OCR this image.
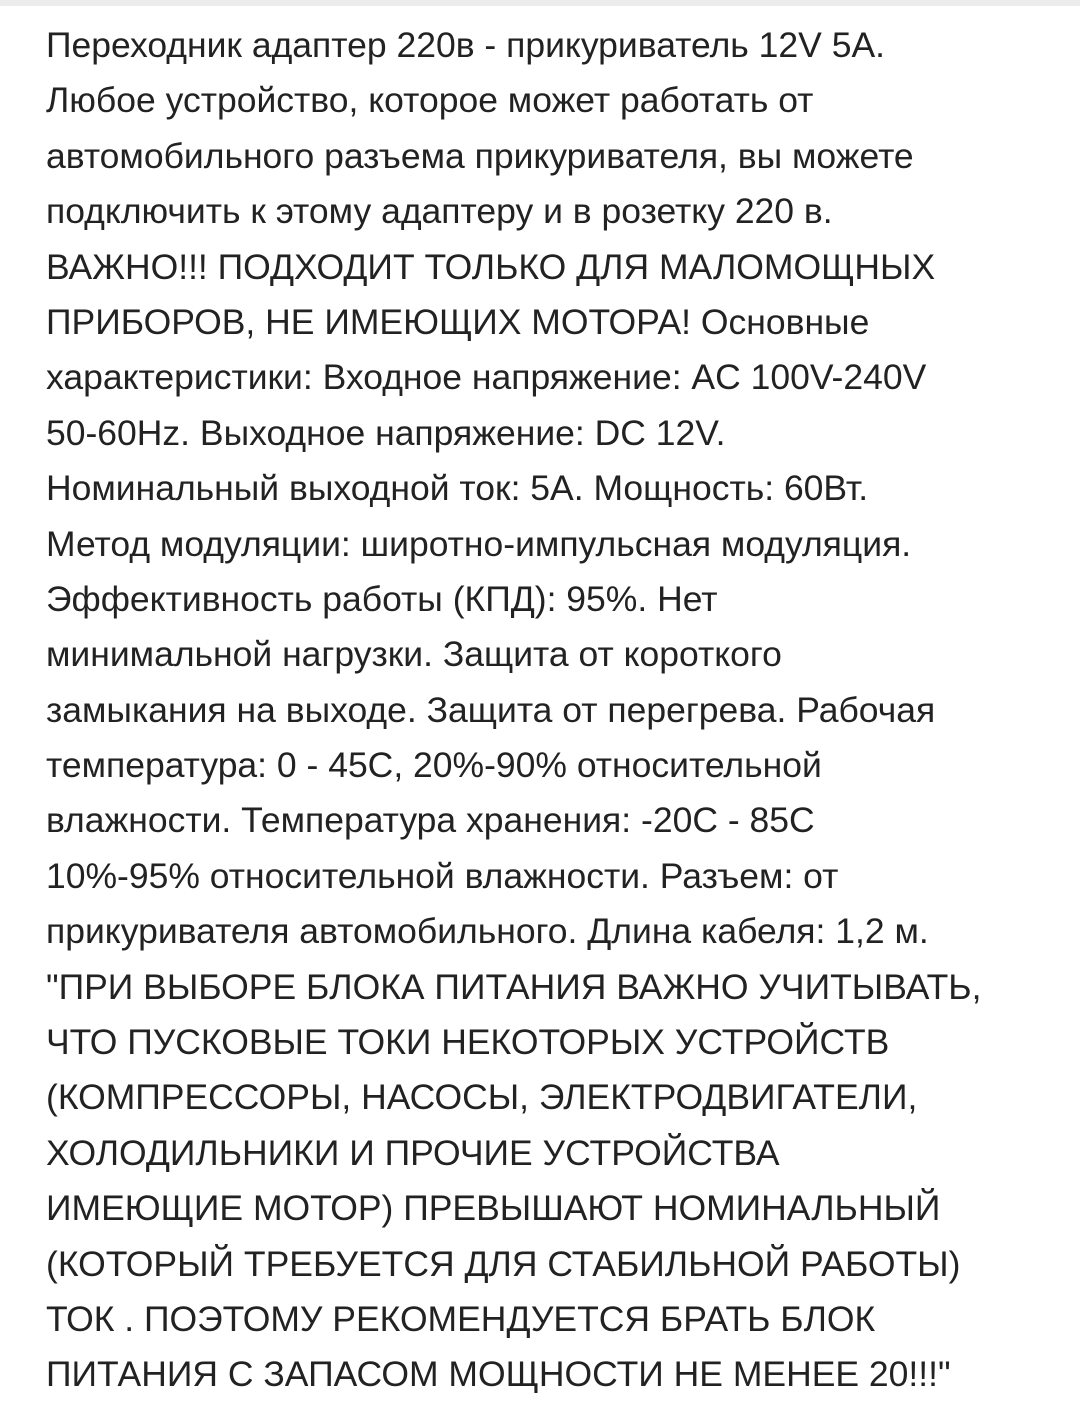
Переходник адаптер 220в - прикуриватель 12V 5A.
Любое устройство, которое может работать от
автомобильного разъема прикуривателя, вы можете
подключить к этому адаптеру и в розетку 220 в.
ВАЖНО!!! ПОДХОДИТ ТОЛЬКО ДЛЯ МАЛОМОЩНЫХ
ПРИБОРОВ, НЕ ИМЕЮЩИХ МОТОРА! Основные
характеристики: Входное напряжение: AC 100V-240V
50-60Hz. Выходное напряжение: DC 12V.
Номинальный выходной ток: 5A. Мощность: 60Вт.
Метод модуляции: широтно-импульсная модуляция.
Эффективность работы (КПД): 95%. Нет
минимальной нагрузки. Защита от короткого
замыкания на выходе. Защита от перегрева. Рабочая
температура: 0 - 45C, 20%-90% относительной
влажности. Температура хранения: -20C - 85C
10%-95% относительной влажности. Разъем: от
прикуривателя автомобильного. Длина кабеля: 1,2 м.
"ПРИ ВЫБОРЕ БЛОКА ПИТАНИЯ ВАЖНО УЧИТЫВАТЬ,
ЧТО ПУСКОВЫЕ ТОКИ НЕКОТОРЫХ УСТРОЙСТВ
(КОМПРЕССОРЫ, НАСОСЫ, ЭЛЕКТРОДВИГАТЕЛИ,
ХОЛОДИЛЬНИКИ И ПРОЧИЕ УСТРОЙСТВА
ИМЕЮЩИЕ МОТОР) ПРЕВЫШАЮТ НОМИНАЛЬНЫЙ
(КОТОРЫЙ ТРЕБУЕТСЯ ДЛЯ СТАБИЛЬНОЙ РАБОТЫ)
ТОК . ПОЭТОМУ РЕКОМЕНДУЕТСЯ БРАТЬ БЛОК
ПИТАНИЯ С ЗАПАСОМ МОЩНОСТИ НЕ МЕНЕЕ 20!!!"
